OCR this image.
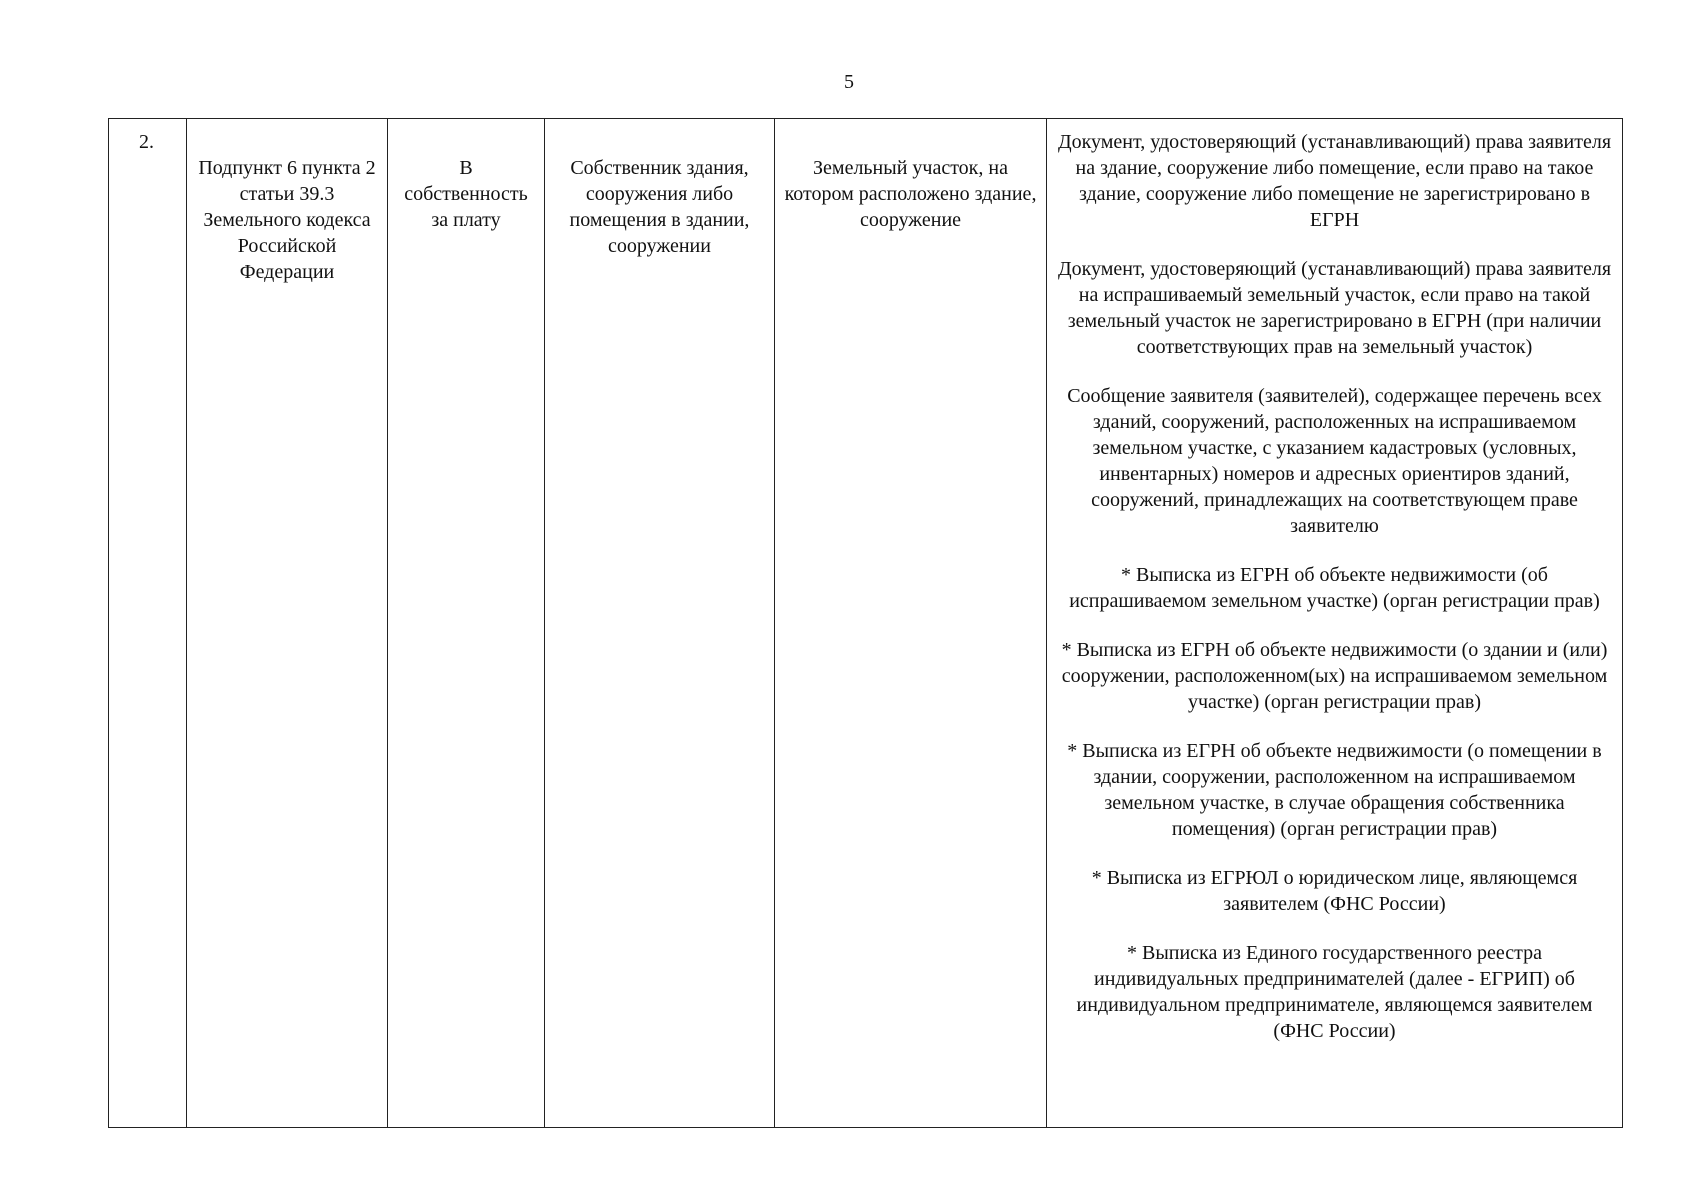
5
2.

Подпункт 6 пункта 2 статьи 39.3 Земельного кодекса Российской Федерации

В собственность за плату

Собственник здания, сооружения либо помещения в здании, сооружении

Земельный участок, на котором расположено здание, сооружение

Документ, удостоверяющий (устанавливающий) права заявителя на здание, сооружение либо помещение, если право на такое здание, сооружение либо помещение не зарегистрировано в ЕГРН
Документ, удостоверяющий (устанавливающий) права заявителя на испрашиваемый земельный участок, если право на такой земельный участок не зарегистрировано в ЕГРН (при наличии соответствующих прав на земельный участок)
Сообщение заявителя (заявителей), содержащее перечень всех зданий, сооружений, расположенных на испрашиваемом земельном участке, с указанием кадастровых (условных, инвентарных) номеров и адресных ориентиров зданий, сооружений, принадлежащих на соответствующем праве заявителю
* Выписка из ЕГРН об объекте недвижимости (об испрашиваемом земельном участке) (орган регистрации прав)
* Выписка из ЕГРН об объекте недвижимости (о здании и (или) сооружении, расположенном(ых) на испрашиваемом земельном участке) (орган регистрации прав)
* Выписка из ЕГРН об объекте недвижимости (о помещении в здании, сооружении, расположенном на испрашиваемом земельном участке, в случае обращения собственника помещения) (орган регистрации прав)
* Выписка из ЕГРЮЛ о юридическом лице, являющемся заявителем (ФНС России)
* Выписка из Единого государственного реестра индивидуальных предпринимателей (далее - ЕГРИП) об индивидуальном предпринимателе, являющемся заявителем (ФНС России)
